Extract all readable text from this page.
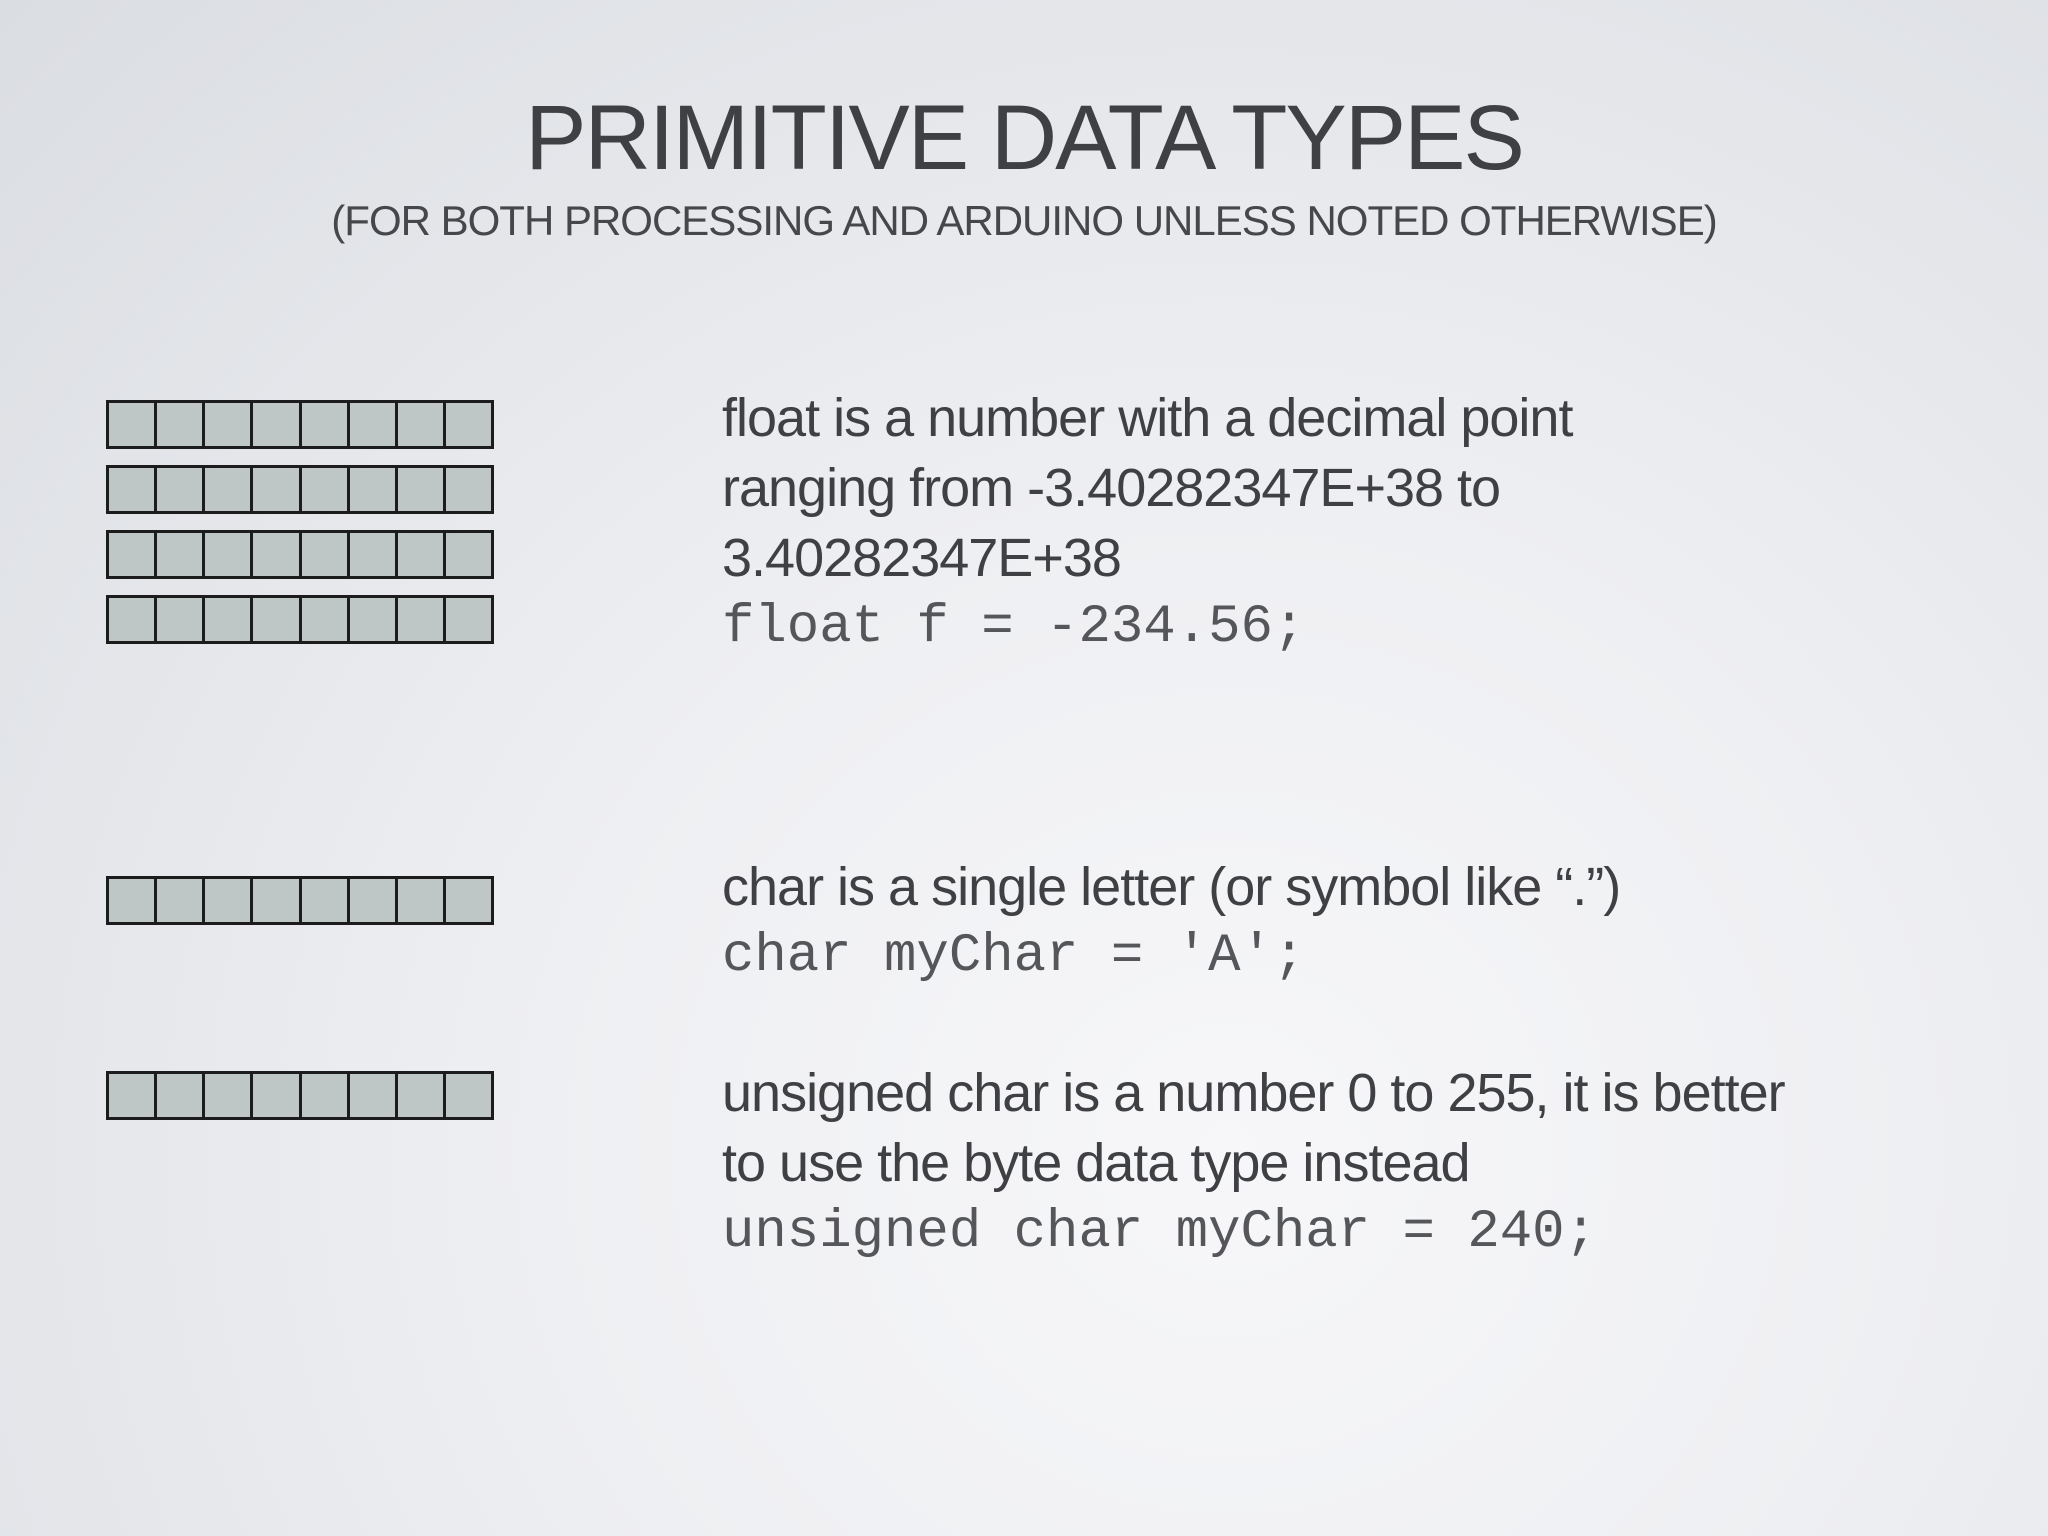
PRIMITIVE DATA TYPES

(FOR BOTH PROCESSING AND ARDUINO UNLESS NOTED OTHERWISE)

float is a number with a decimal point
ranging from -3.40282347E+38 to
3.40282347E+38
float f = -234.56;
char is a single letter (or symbol like “.”)
char myChar = 'A';
unsigned char is a number 0 to 255, it is better
to use the byte data type instead
unsigned char myChar = 240;
